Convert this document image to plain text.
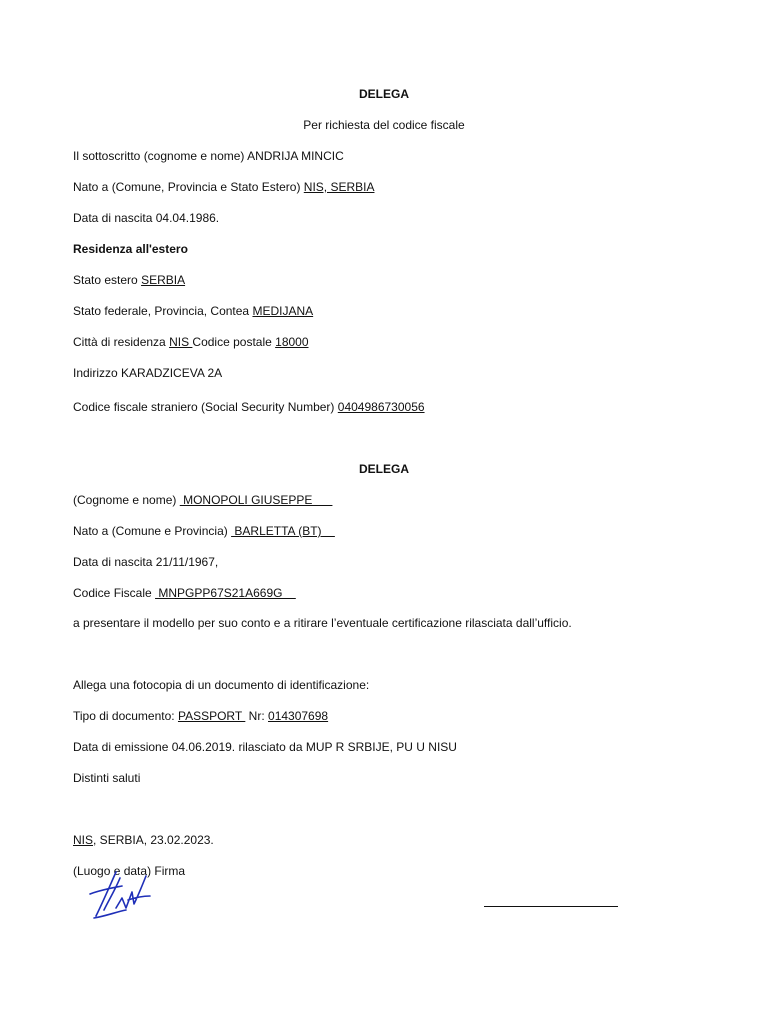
DELEGA
Per richiesta del codice fiscale
Il sottoscritto (cognome e nome) ANDRIJA MINCIC
Nato a (Comune, Provincia e Stato Estero) NIS, SERBIA
Data di nascita 04.04.1986.
Residenza all'estero
Stato estero SERBIA
Stato federale, Provincia, Contea MEDIJANA
Città di residenza NIS Codice postale 18000
Indirizzo KARADZICEVA 2A
Codice fiscale straniero (Social Security Number) 0404986730056
DELEGA
(Cognome e nome)  MONOPOLI GIUSEPPE
Nato a (Comune e Provincia)  BARLETTA (BT)
Data di nascita 21/11/1967,
Codice Fiscale  MNPGPP67S21A669G
a presentare il modello per suo conto e a ritirare l’eventuale certificazione rilasciata dall’ufficio.
Allega una fotocopia di un documento di identificazione:
Tipo di documento: PASSPORT  Nr: 014307698
Data di emissione 04.06.2019. rilasciato da MUP R SRBIJE, PU U NISU
Distinti saluti
NIS, SERBIA, 23.02.2023.
(Luogo e data) Firma
